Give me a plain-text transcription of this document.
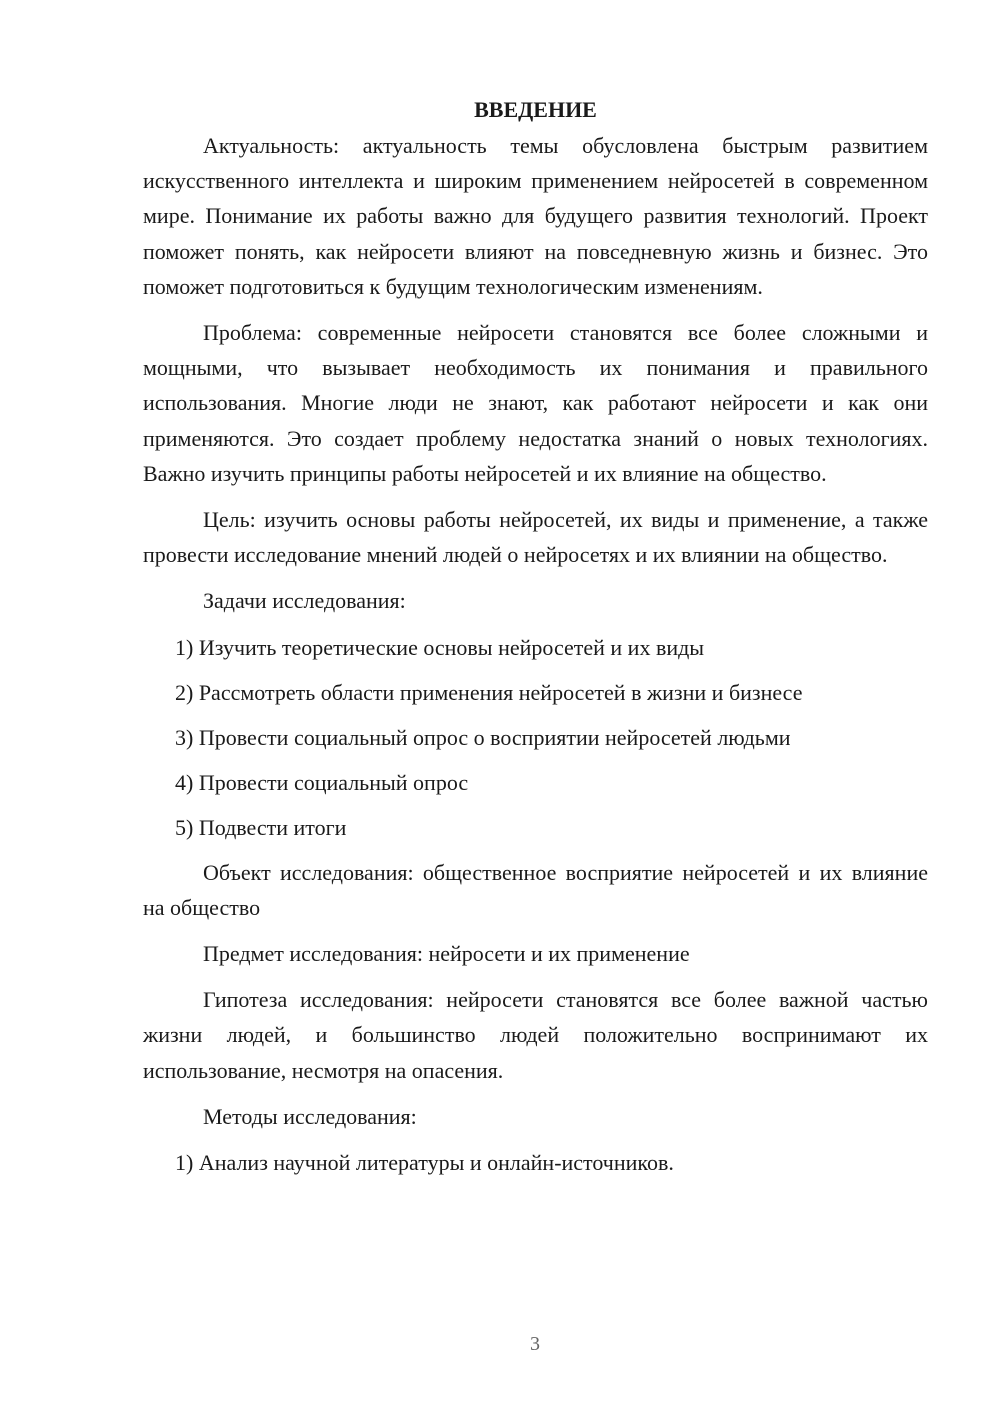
ВВЕДЕНИЕ

Актуальность: актуальность темы обусловлена быстрым развитием искусственного интеллекта и широким применением нейросетей в современном мире. Понимание их работы важно для будущего развития технологий. Проект поможет понять, как нейросети влияют на повседневную жизнь и бизнес. Это поможет подготовиться к будущим технологическим изменениям.

Проблема: современные нейросети становятся все более сложными и мощными, что вызывает необходимость их понимания и правильного использования. Многие люди не знают, как работают нейросети и как они применяются. Это создает проблему недостатка знаний о новых технологиях. Важно изучить принципы работы нейросетей и их влияние на общество.

Цель: изучить основы работы нейросетей, их виды и применение, а также провести исследование мнений людей о нейросетях и их влиянии на общество.

Задачи исследования:

1) Изучить теоретические основы нейросетей и их виды
2) Рассмотреть области применения нейросетей в жизни и бизнесе
3) Провести социальный опрос о восприятии нейросетей людьми
4) Провести социальный опрос
5) Подвести итоги

Объект исследования: общественное восприятие нейросетей и их влияние на общество

Предмет исследования: нейросети и их применение

Гипотеза исследования: нейросети становятся все более важной частью жизни людей, и большинство людей положительно воспринимают их использование, несмотря на опасения.

Методы исследования:

1) Анализ научной литературы и онлайн-источников.
3
